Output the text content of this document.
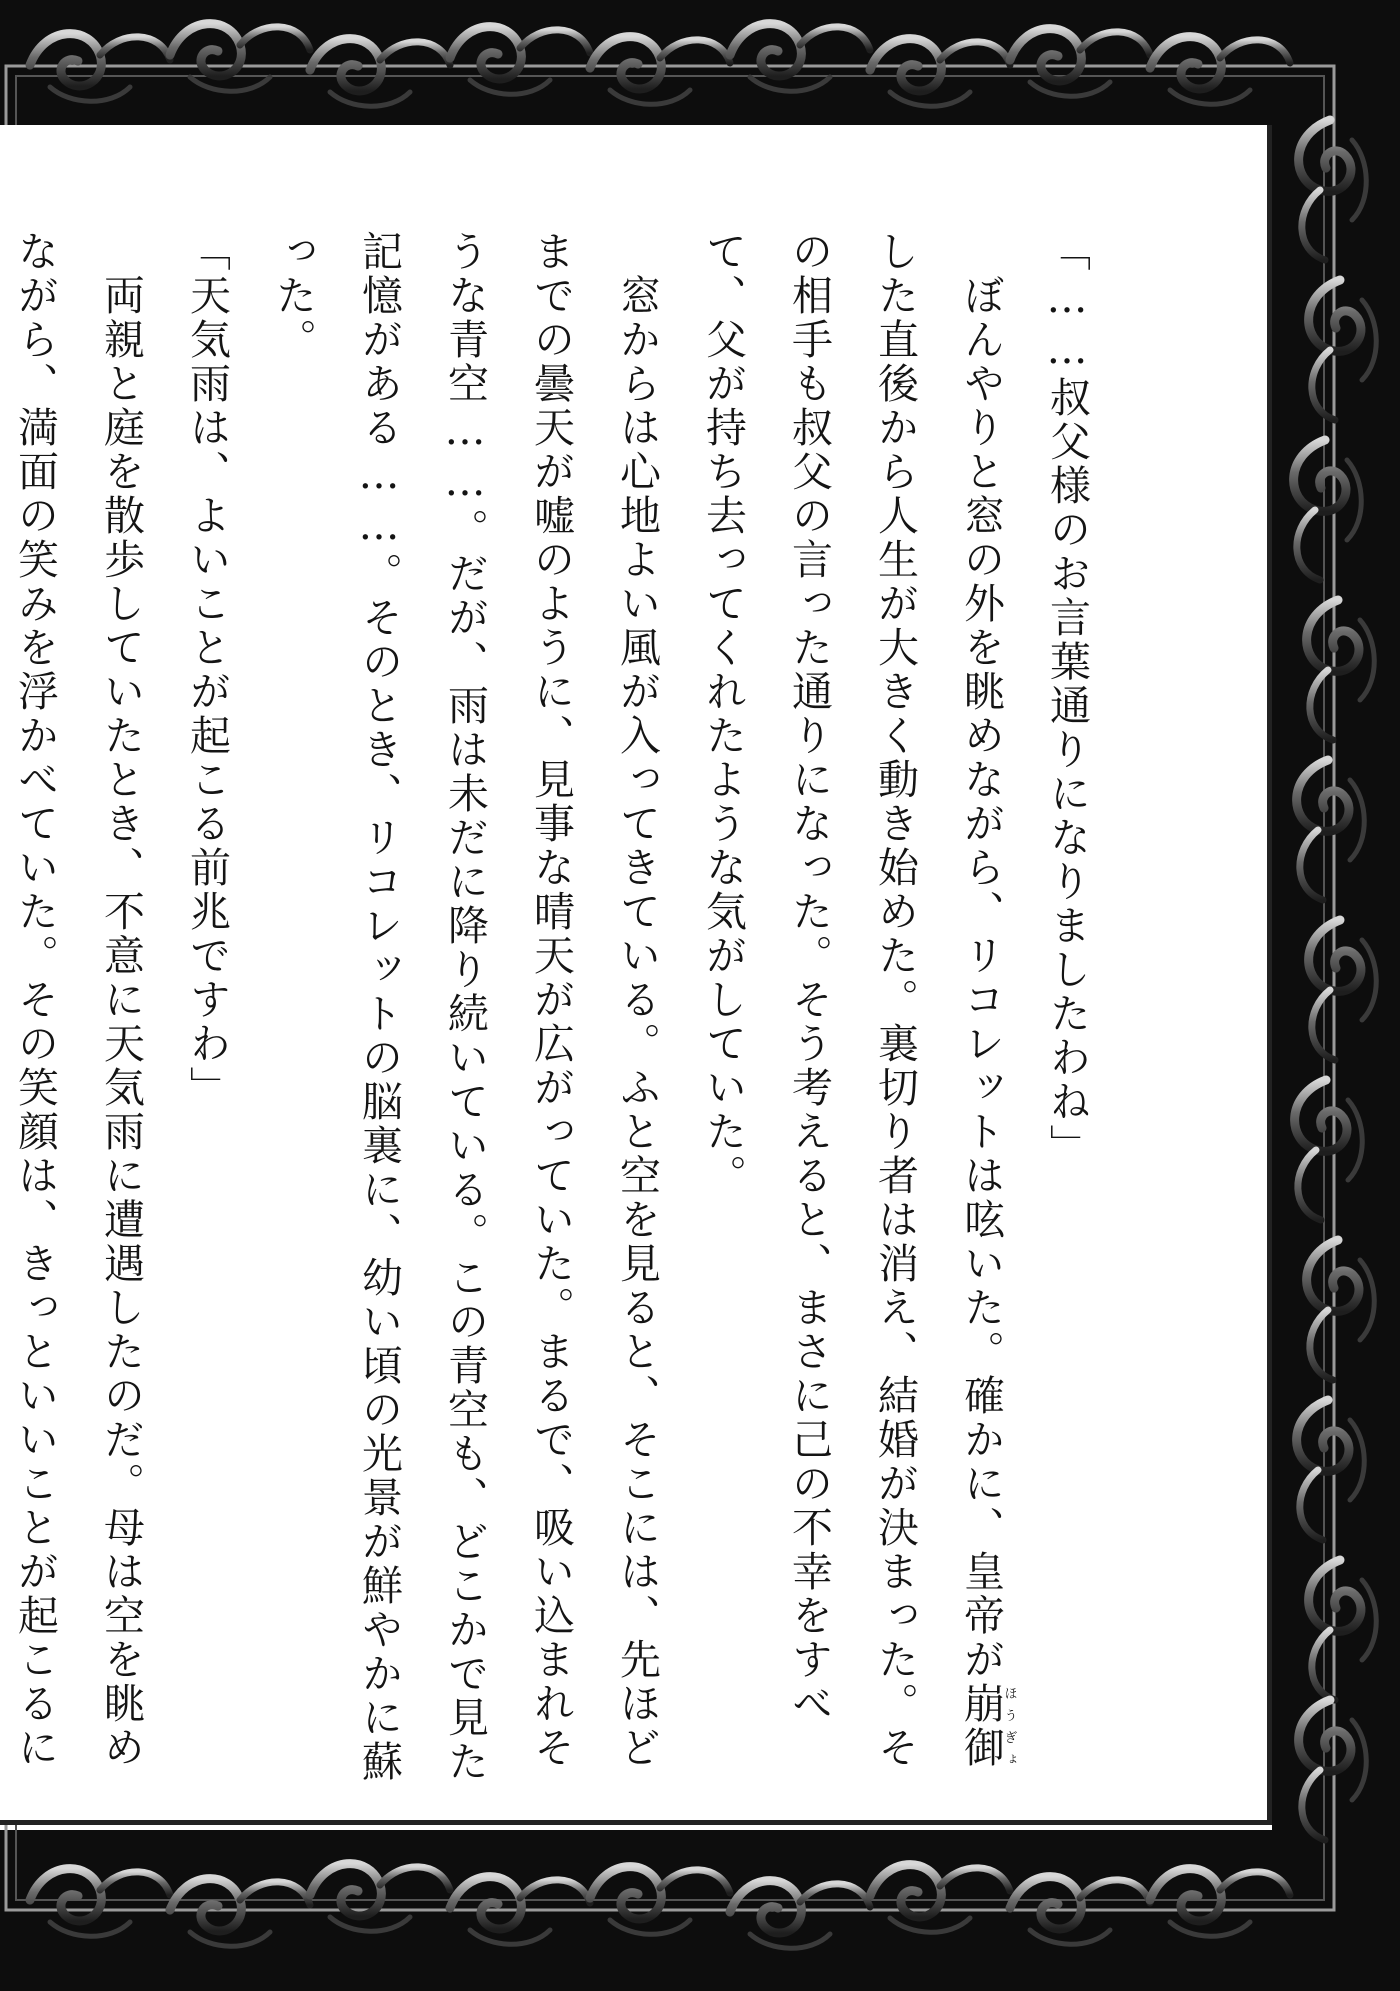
「……叔父様のお言葉通りになりましたわね」

　ぼんやりと窓の外を眺めながら、リコレットは呟いた。確かに、皇帝が崩御ほうぎょした直後から人生が大きく動き始めた。裏切り者は消え、結婚が決まった。その相手も叔父の言った通りになった。そう考えると、まさに己の不幸をすべて、父が持ち去ってくれたような気がしていた。

　窓からは心地よい風が入ってきている。ふと空を見ると、そこには、先ほどまでの曇天が嘘のように、見事な晴天が広がっていた。まるで、吸い込まれそうな青空……。だが、雨は未だに降り続いている。この青空も、どこかで見た記憶がある……。そのとき、リコレットの脳裏に、幼い頃の光景が鮮やかに蘇った。

「天気雨は、よいことが起こる前兆ですわ」

　両親と庭を散歩していたとき、不意に天気雨に遭遇したのだ。母は空を眺めながら、満面の笑みを浮かべていた。その笑顔は、きっといいことが起こるに
